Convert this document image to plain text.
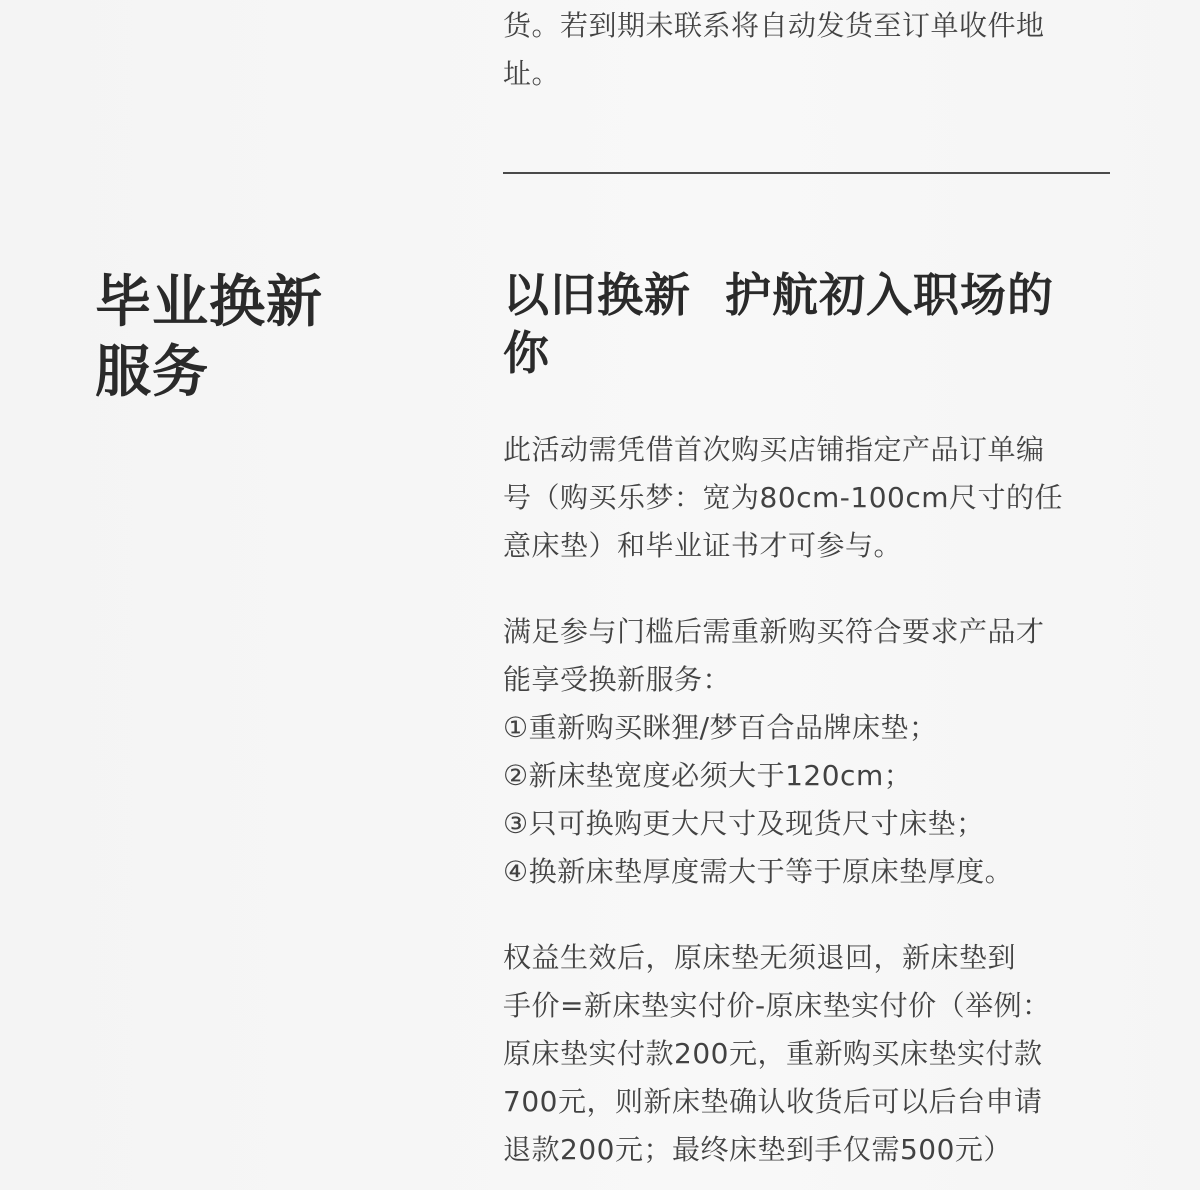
货。若到期未联系将自动发货至订单收件地
址。

毕业换新
服务
以旧换新  护航初入职场的
你

此活动需凭借首次购买店铺指定产品订单编
号（购买乐梦：宽为80cm-100cm尺寸的任
意床垫）和毕业证书才可参与。

满足参与门槛后需重新购买符合要求产品才
能享受换新服务：
①重新购买眯狸/梦百合品牌床垫；
②新床垫宽度必须大于120cm；
③只可换购更大尺寸及现货尺寸床垫；
④换新床垫厚度需大于等于原床垫厚度。

权益生效后，原床垫无须退回，新床垫到
手价=新床垫实付价-原床垫实付价（举例：
原床垫实付款200元，重新购买床垫实付款
700元，则新床垫确认收货后可以后台申请
退款200元；最终床垫到手仅需500元）
